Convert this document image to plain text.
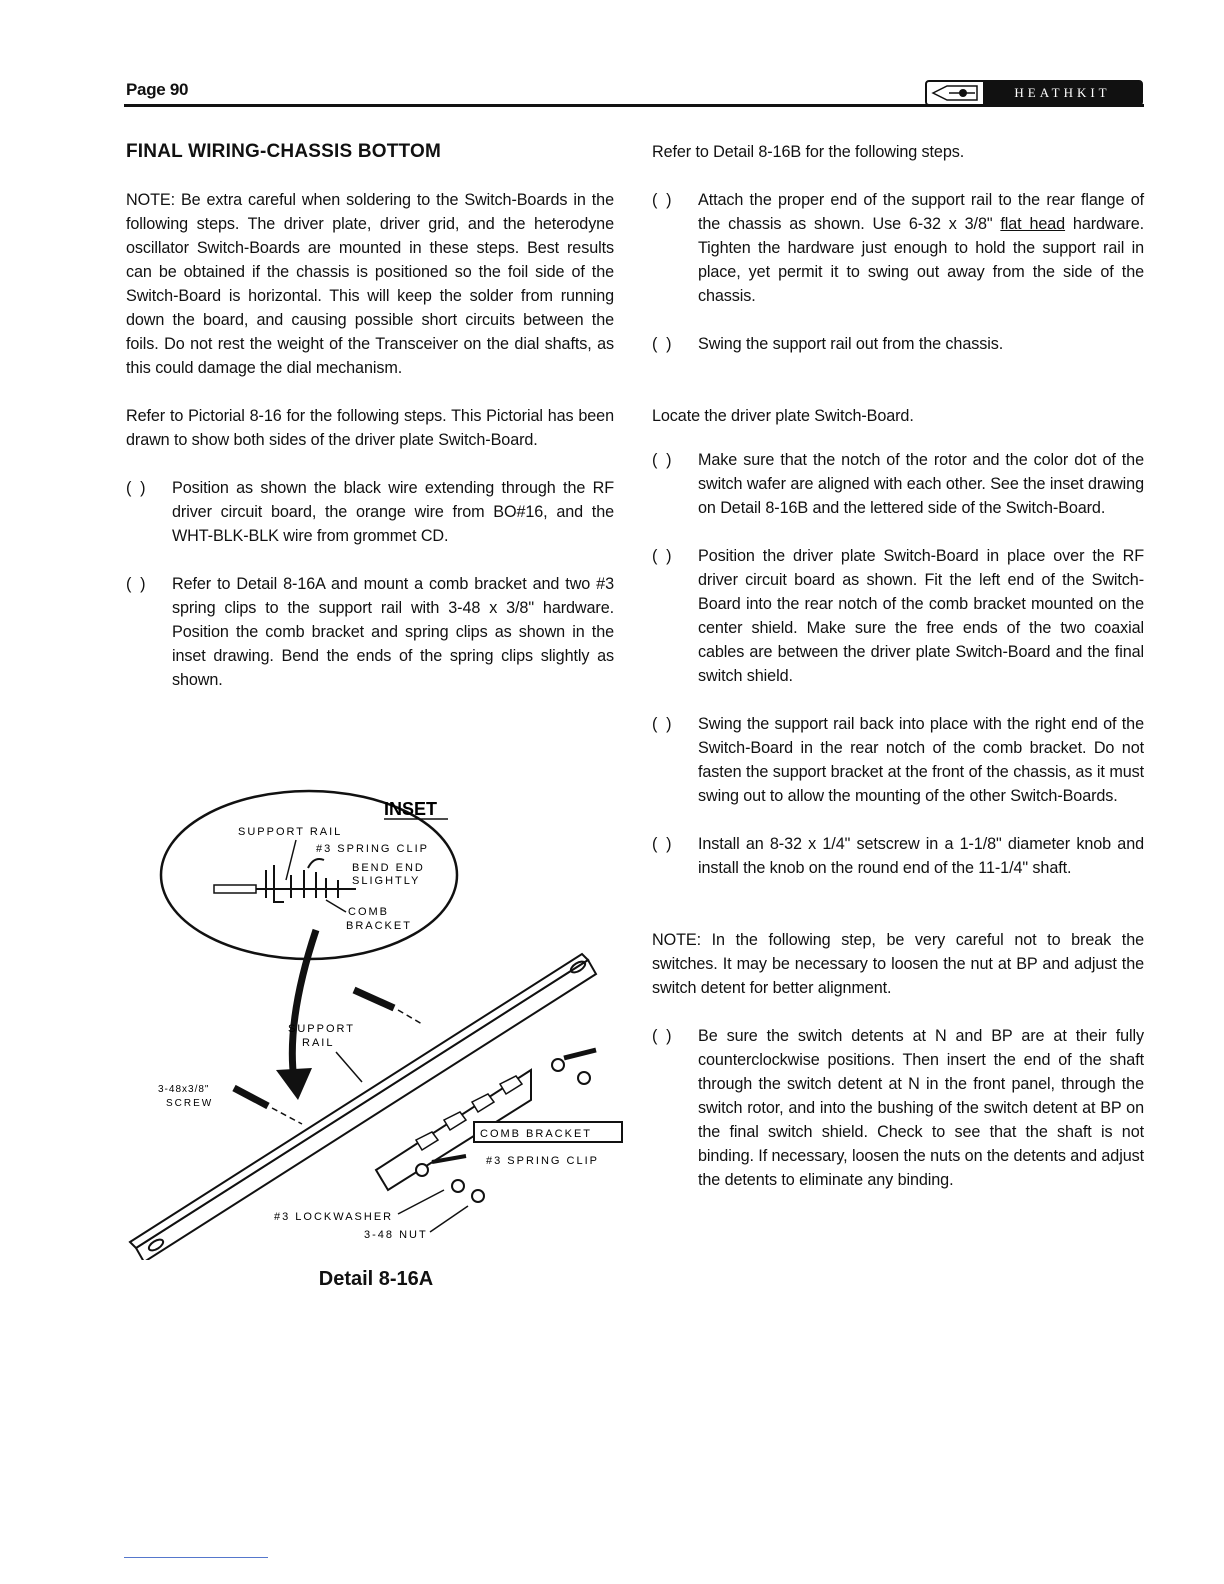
Page 90	HEATHKIT
FINAL WIRING-CHASSIS BOTTOM

NOTE: Be extra careful when soldering to the Switch-Boards in the following steps. The driver plate, driver grid, and the heterodyne oscillator Switch-Boards are mounted in these steps. Best results can be obtained if the chassis is positioned so the foil side of the Switch-Board is horizontal. This will keep the solder from running down the board, and causing possible short circuits between the foils. Do not rest the weight of the Transceiver on the dial shafts, as this could damage the dial mechanism.

Refer to Pictorial 8-16 for the following steps. This Pictorial has been drawn to show both sides of the driver plate Switch-Board.

(  )	Position as shown the black wire extending through the RF driver circuit board, the orange wire from BO#16, and the WHT-BLK-BLK wire from grommet CD.
(  )	Refer to Detail 8-16A and mount a comb bracket and two #3 spring clips to the support rail with 3-48 x 3/8" hardware. Position the comb bracket and spring clips as shown in the inset drawing. Bend the ends of the spring clips slightly as shown.
INSET
SUPPORT RAIL
#3 SPRING CLIP
BEND END
SLIGHTLY
COMB
BRACKET
SUPPORT
RAIL
COMB BRACKET
#3 SPRING CLIP
3-48x3/8"
SCREW
#3 LOCKWASHER
3-48 NUT
Detail 8-16A

Refer to Detail 8-16B for the following steps.

(  )	Attach the proper end of the support rail to the rear flange of the chassis as shown. Use 6-32 x 3/8" flat head hardware. Tighten the hardware just enough to hold the support rail in place, yet permit it to swing out away from the side of the chassis.
(  )	Swing the support rail out from the chassis.

Locate the driver plate Switch-Board.

(  )	Make sure that the notch of the rotor and the color dot of the switch wafer are aligned with each other. See the inset drawing on Detail 8-16B and the lettered side of the Switch-Board.
(  )	Position the driver plate Switch-Board in place over the RF driver circuit board as shown. Fit the left end of the Switch-Board into the rear notch of the comb bracket mounted on the center shield. Make sure the free ends of the two coaxial cables are between the driver plate Switch-Board and the final switch shield.
(  )	Swing the support rail back into place with the right end of the Switch-Board in the rear notch of the comb bracket. Do not fasten the support bracket at the front of the chassis, as it must swing out to allow the mounting of the other Switch-Boards.
(  )	Install an 8-32 x 1/4" setscrew in a 1-1/8" diameter knob and install the knob on the round end of the 11-1/4" shaft.

NOTE: In the following step, be very careful not to break the switches. It may be necessary to loosen the nut at BP and adjust the switch detent for better alignment.

(  )	Be sure the switch detents at N and BP are at their fully counterclockwise positions. Then insert the end of the shaft through the switch detent at N in the front panel, through the switch rotor, and into the bushing of the switch detent at BP on the final switch shield. Check to see that the shaft is not binding. If necessary, loosen the nuts on the detents and adjust the detents to eliminate any binding.
